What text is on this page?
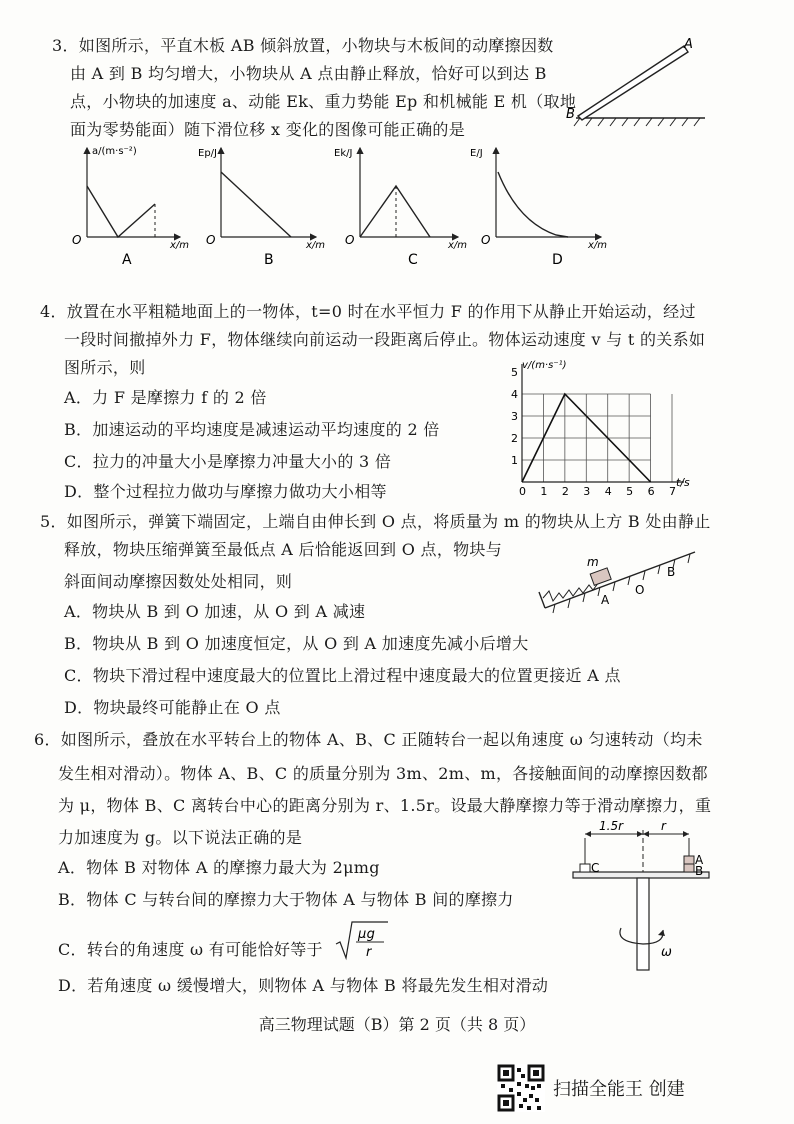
3．如图所示，平直木板 AB 倾斜放置，小物块与木板间的动摩擦因数
由 A 到 B 均匀增大，小物块从 A 点由静止释放，恰好可以到达 B
点，小物块的加速度 a、动能 Ek、重力势能 Ep 和机械能 E 机（取地
面为零势能面）随下滑位移 x 变化的图像可能正确的是
A
B
a/(m·s⁻²)
x/m
O
A
Ep/J
x/m
O
B
Ek/J
x/m
O
C
E/J
x/m
O
D
4．放置在水平粗糙地面上的一物体，t=0 时在水平恒力 F 的作用下从静止开始运动，经过
一段时间撤掉外力 F，物体继续向前运动一段距离后停止。物体运动速度 v 与 t 的关系如
图所示，则
A．力 F 是摩擦力 f 的 2 倍
B．加速运动的平均速度是减速运动平均速度的 2 倍
C．拉力的冲量大小是摩擦力冲量大小的 3 倍
D．整个过程拉力做功与摩擦力做功大小相等	0 1 2 3 4 5 6 7
1
2
3
4
5
v/(m·s⁻¹)
t/s
5．如图所示，弹簧下端固定，上端自由伸长到 O 点，将质量为 m 的物块从上方 B 处由静止
释放，物块压缩弹簧至最低点 A 后恰能返回到 O 点，物块与
斜面间动摩擦因数处处相同，则
A．物块从 B 到 O 加速，从 O 到 A 减速
B．物块从 B 到 O 加速度恒定，从 O 到 A 加速度先减小后增大
C．物块下滑过程中速度最大的位置比上滑过程中速度最大的位置更接近 A 点
D．物块最终可能静止在 O 点
m
A
O
B
6．如图所示，叠放在水平转台上的物体 A、B、C 正随转台一起以角速度 ω 匀速转动（均未
发生相对滑动）。物体 A、B、C 的质量分别为 3m、2m、m，各接触面间的动摩擦因数都
为 μ，物体 B、C 离转台中心的距离分别为 r、1.5r。设最大静摩擦力等于滑动摩擦力，重
力加速度为 g。以下说法正确的是
A．物体 B 对物体 A 的摩擦力最大为 2μmg
B．物体 C 与转台间的摩擦力大于物体 A 与物体 B 间的摩擦力
C．转台的角速度 ω 有可能恰好等于
μg
r
D．若角速度 ω 缓慢增大，则物体 A 与物体 B 将最先发生相对滑动
1.5r	r
C
A
B
ω
高三物理试题（B）第 2 页（共 8 页）
扫描全能王 创建
